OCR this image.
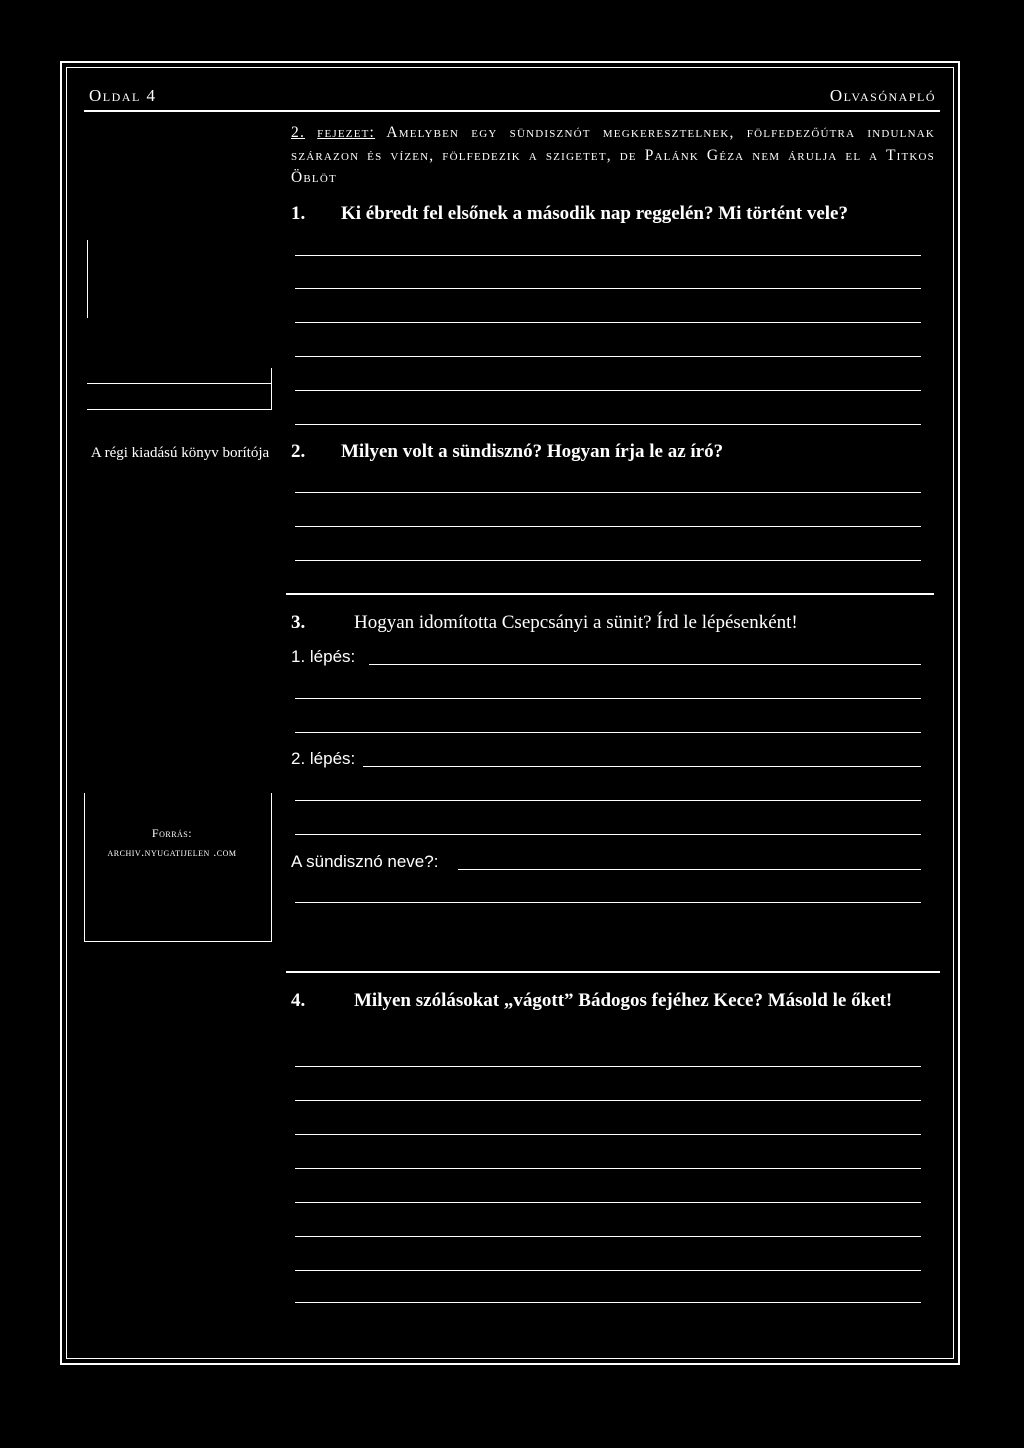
Oldal 4	Olvasónapló
2. fejezet: Amelyben egy sündisznót megkeresztelnek, fölfedezőútra indulnak szárazon és vízen, fölfedezik a szigetet, de Palánk Géza nem árulja el a Titkos Öblöt
A régi kiadású könyv borítója
Forrás:
archiv.nyugatijelen .com
1. Ki ébredt fel elsőnek a második nap reggelén? Mi történt vele?
2. Milyen volt a sündisznó? Hogyan írja le az író?
3.	Hogyan idomította Csepcsányi a sünit? Írd le lépésenként!
1. lépés:
2. lépés:
A sündisznó neve?:
4.	Milyen szólásokat „vágott” Bádogos fejéhez Kece? Másold le őket!
